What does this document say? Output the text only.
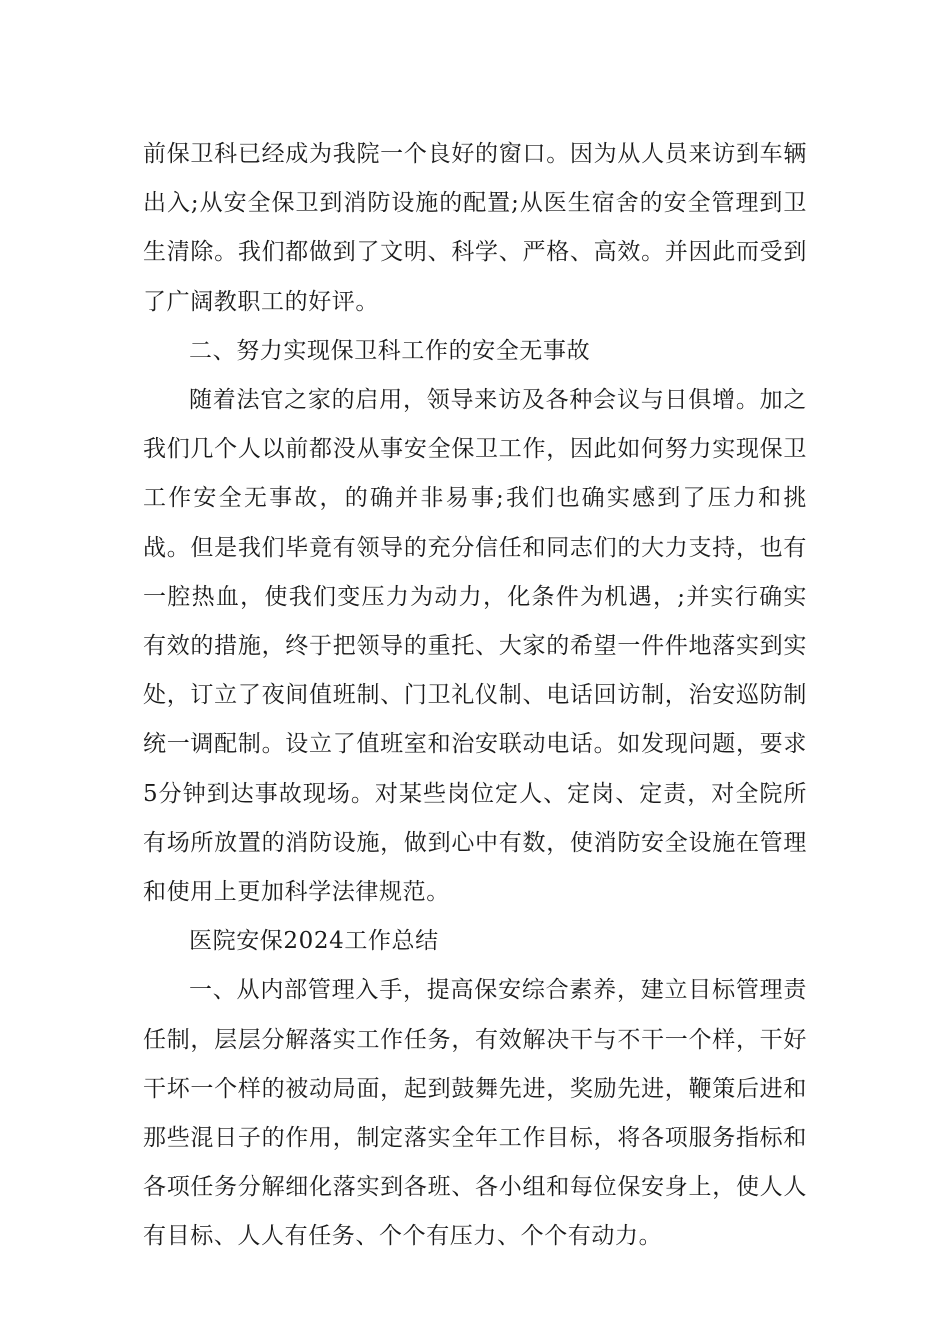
前保卫科已经成为我院一个良好的窗口。因为从人员来访到车辆出入;从安全保卫到消防设施的配置;从医生宿舍的安全管理到卫生清除。我们都做到了文明、科学、严格、高效。并因此而受到了广阔教职工的好评。

二、努力实现保卫科工作的安全无事故

随着法官之家的启用，领导来访及各种会议与日俱增。加之我们几个人以前都没从事安全保卫工作，因此如何努力实现保卫工作安全无事故，的确并非易事;我们也确实感到了压力和挑战。但是我们毕竟有领导的充分信任和同志们的大力支持，也有一腔热血，使我们变压力为动力，化条件为机遇，;并实行确实有效的措施，终于把领导的重托、大家的希望一件件地落实到实处，订立了夜间值班制、门卫礼仪制、电话回访制，治安巡防制统一调配制。设立了值班室和治安联动电话。如发现问题，要求5分钟到达事故现场。对某些岗位定人、定岗、定责，对全院所有场所放置的消防设施，做到心中有数，使消防安全设施在管理和使用上更加科学法律规范。

医院安保2024工作总结

一、从内部管理入手，提高保安综合素养，建立目标管理责任制，层层分解落实工作任务，有效解决干与不干一个样，干好干坏一个样的被动局面，起到鼓舞先进，奖励先进，鞭策后进和那些混日子的作用，制定落实全年工作目标，将各项服务指标和各项任务分解细化落实到各班、各小组和每位保安身上，使人人有目标、人人有任务、个个有压力、个个有动力。
